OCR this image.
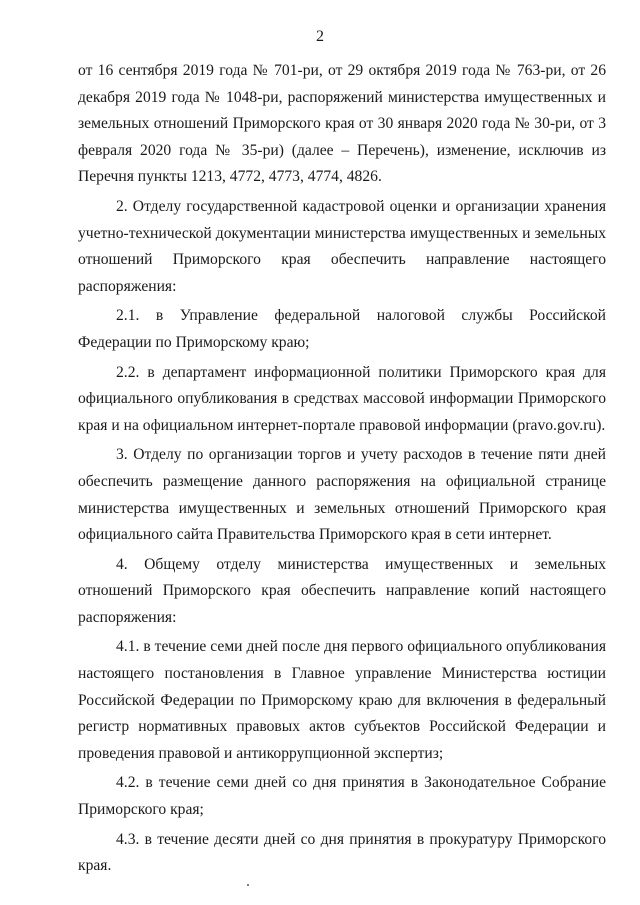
2

от 16 сентября 2019 года № 701-ри, от 29 октября 2019 года № 763-ри, от 26 декабря 2019 года № 1048-ри, распоряжений министерства имущественных и земельных отношений Приморского края от 30 января 2020 года № 30-ри, от 3 февраля 2020 года № 35-ри) (далее – Перечень), изменение, исключив из Перечня пункты 1213, 4772, 4773, 4774, 4826.

2. Отделу государственной кадастровой оценки и организации хранения учетно-технической документации министерства имущественных и земельных отношений Приморского края обеспечить направление настоящего распоряжения:

2.1. в Управление федеральной налоговой службы Российской Федерации по Приморскому краю;

2.2. в департамент информационной политики Приморского края для официального опубликования в средствах массовой информации Приморского края и на официальном интернет-портале правовой информации (pravo.gov.ru).

3. Отделу по организации торгов и учету расходов в течение пяти дней обеспечить размещение данного распоряжения на официальной странице министерства имущественных и земельных отношений Приморского края официального сайта Правительства Приморского края в сети интернет.

4. Общему отделу министерства имущественных и земельных отношений Приморского края обеспечить направление копий настоящего распоряжения:

4.1. в течение семи дней после дня первого официального опубликования настоящего постановления в Главное управление Министерства юстиции Российской Федерации по Приморскому краю для включения в федеральный регистр нормативных правовых актов субъектов Российской Федерации и проведения правовой и антикоррупционной экспертиз;

4.2. в течение семи дней со дня принятия в Законодательное Собрание Приморского края;

4.3. в течение десяти дней со дня принятия в прокуратуру Приморского края.
